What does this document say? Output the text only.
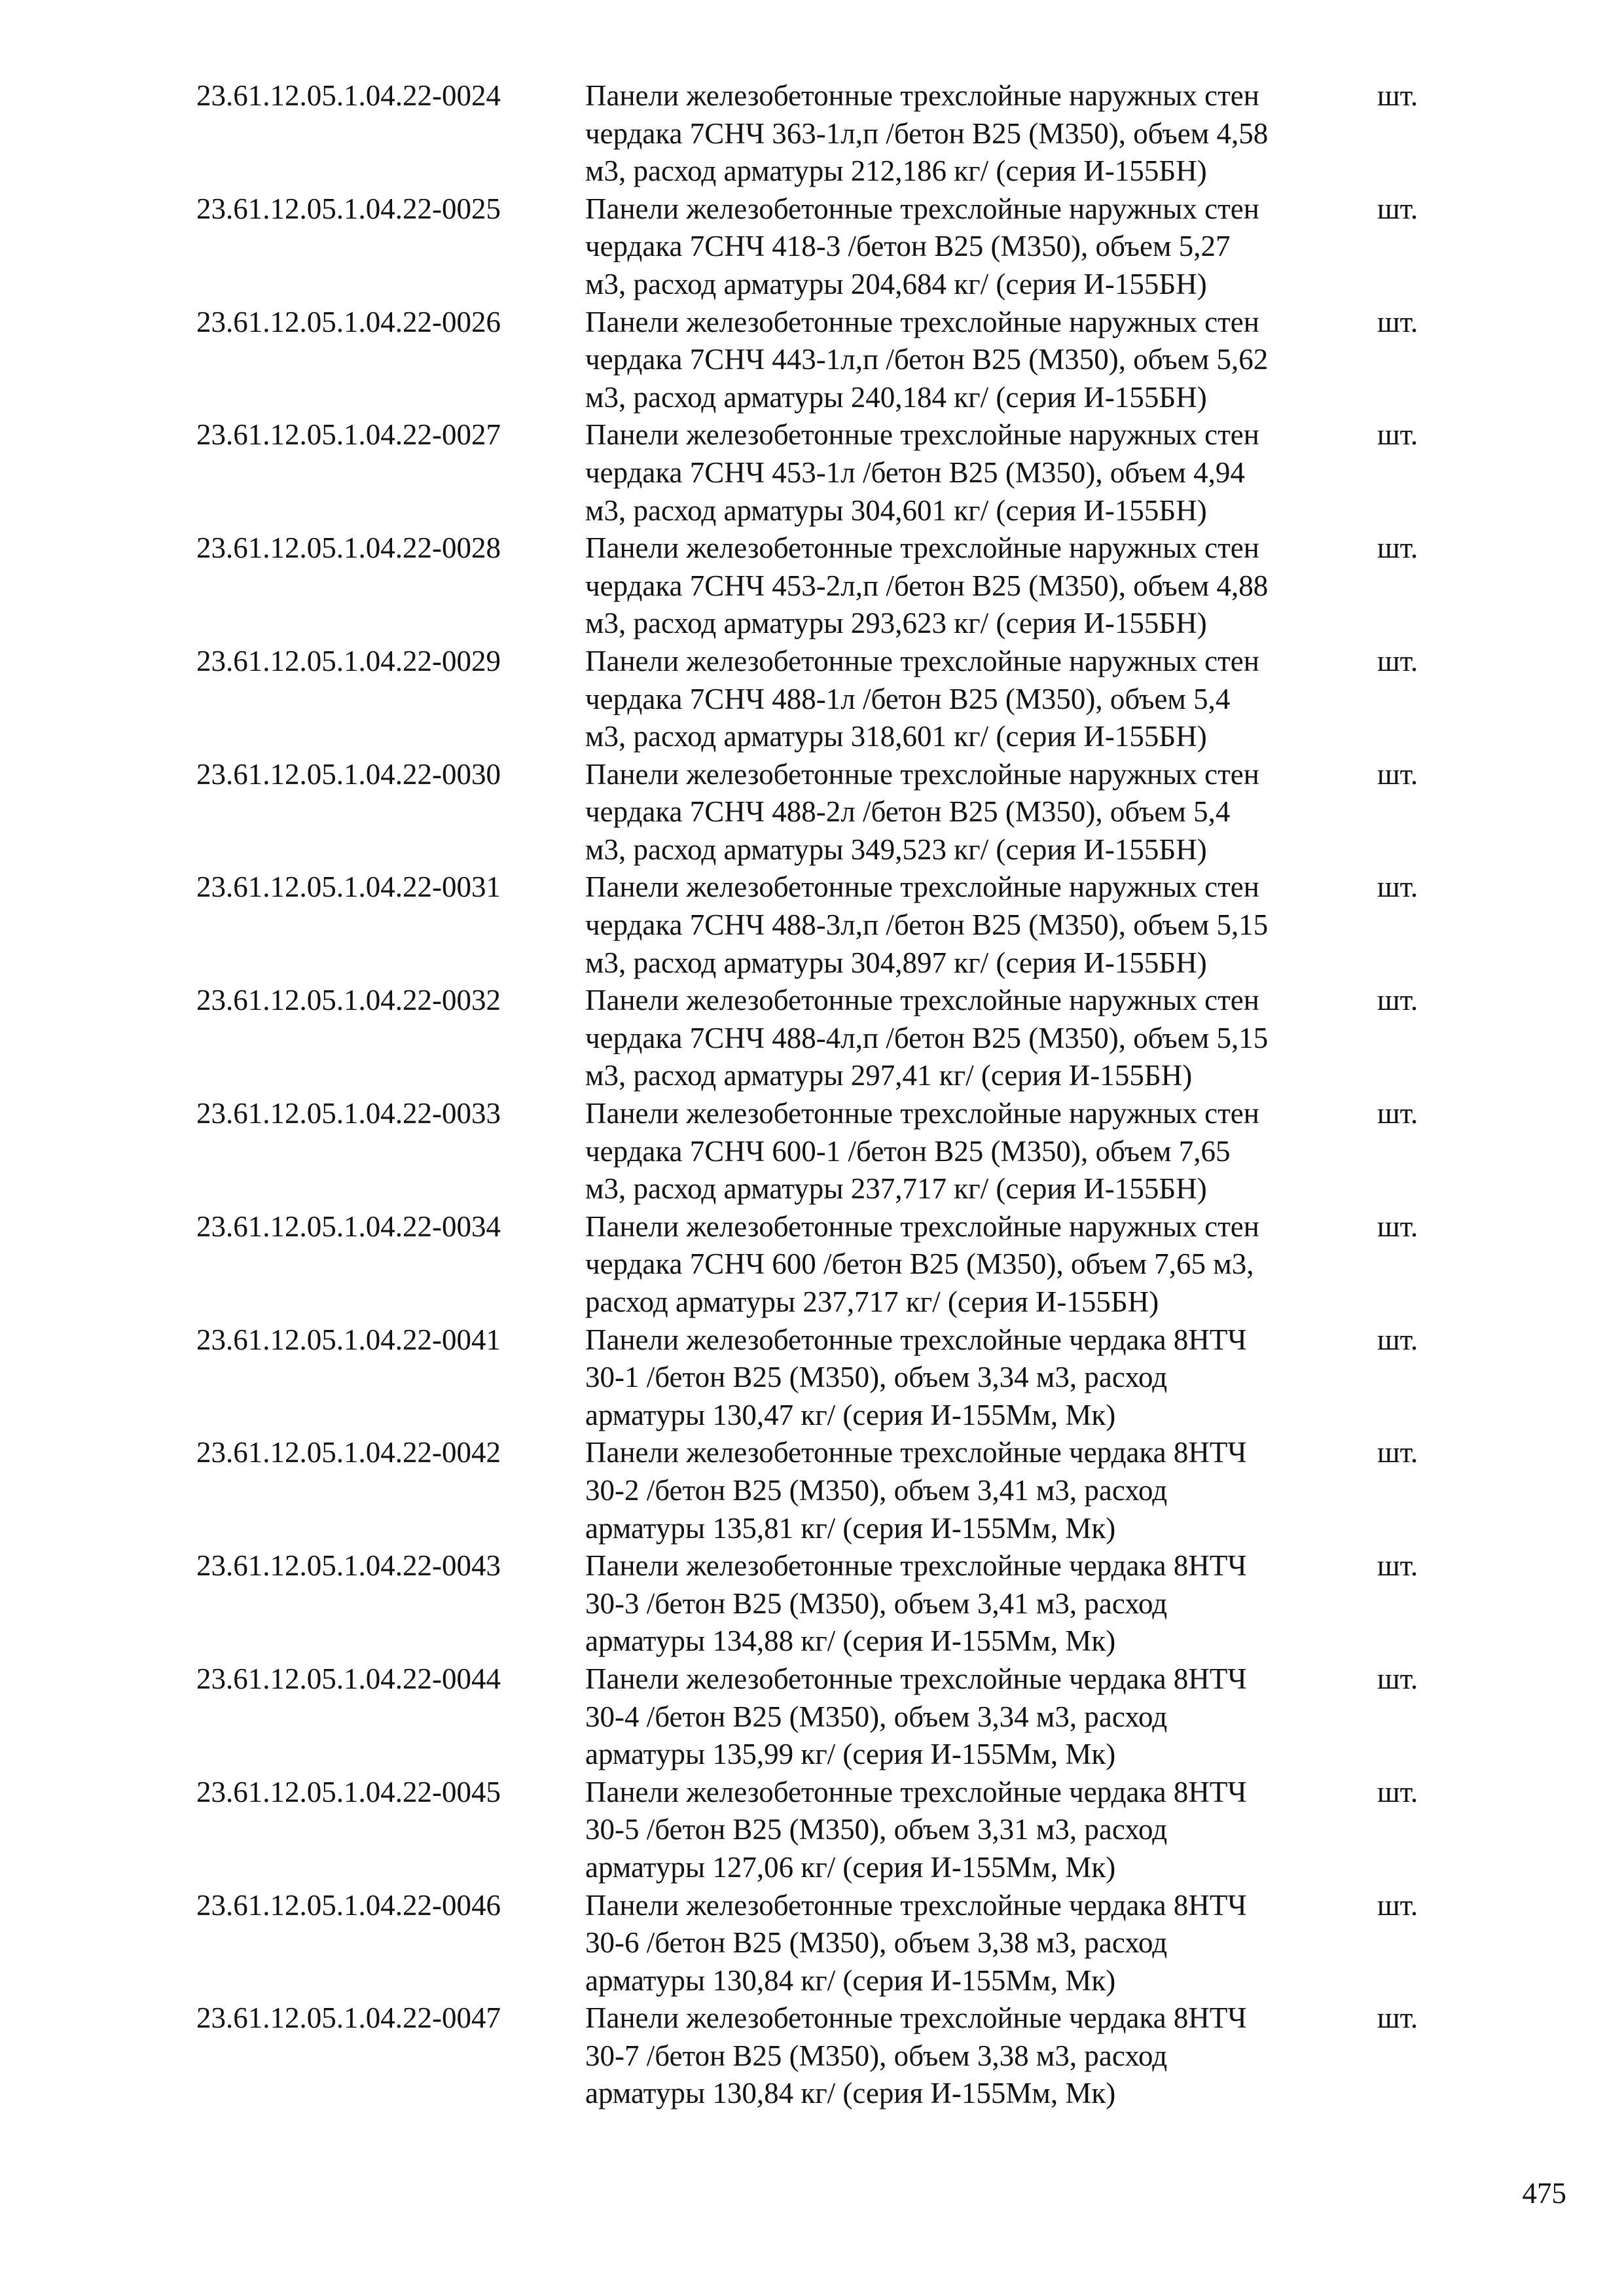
23.61.12.05.1.04.22-0024	Панели железобетонные трехслойные наружных стен
чердака 7СНЧ 363-1л,п /бетон В25 (М350), объем 4,58
м3, расход арматуры 212,186 кг/ (серия И-155БН)
шт.
23.61.12.05.1.04.22-0025	Панели железобетонные трехслойные наружных стен
чердака 7СНЧ 418-3 /бетон В25 (М350), объем 5,27
м3, расход арматуры 204,684 кг/ (серия И-155БН)
шт.
23.61.12.05.1.04.22-0026	Панели железобетонные трехслойные наружных стен
чердака 7СНЧ 443-1л,п /бетон В25 (М350), объем 5,62
м3, расход арматуры 240,184 кг/ (серия И-155БН)
шт.
23.61.12.05.1.04.22-0027	Панели железобетонные трехслойные наружных стен
чердака 7СНЧ 453-1л /бетон В25 (М350), объем 4,94
м3, расход арматуры 304,601 кг/ (серия И-155БН)
шт.
23.61.12.05.1.04.22-0028	Панели железобетонные трехслойные наружных стен
чердака 7СНЧ 453-2л,п /бетон В25 (М350), объем 4,88
м3, расход арматуры 293,623 кг/ (серия И-155БН)
шт.
23.61.12.05.1.04.22-0029	Панели железобетонные трехслойные наружных стен
чердака 7СНЧ 488-1л /бетон В25 (М350), объем 5,4
м3, расход арматуры 318,601 кг/ (серия И-155БН)
шт.
23.61.12.05.1.04.22-0030	Панели железобетонные трехслойные наружных стен
чердака 7СНЧ 488-2л /бетон В25 (М350), объем 5,4
м3, расход арматуры 349,523 кг/ (серия И-155БН)
шт.
23.61.12.05.1.04.22-0031	Панели железобетонные трехслойные наружных стен
чердака 7СНЧ 488-3л,п /бетон В25 (М350), объем 5,15
м3, расход арматуры 304,897 кг/ (серия И-155БН)
шт.
23.61.12.05.1.04.22-0032	Панели железобетонные трехслойные наружных стен
чердака 7СНЧ 488-4л,п /бетон В25 (М350), объем 5,15
м3, расход арматуры 297,41 кг/ (серия И-155БН)
шт.
23.61.12.05.1.04.22-0033	Панели железобетонные трехслойные наружных стен
чердака 7СНЧ 600-1 /бетон В25 (М350), объем 7,65
м3, расход арматуры 237,717 кг/ (серия И-155БН)
шт.
23.61.12.05.1.04.22-0034	Панели железобетонные трехслойные наружных стен
чердака 7СНЧ 600 /бетон В25 (М350), объем 7,65 м3,
расход арматуры 237,717 кг/ (серия И-155БН)
шт.
23.61.12.05.1.04.22-0041	Панели железобетонные трехслойные чердака 8НТЧ
30-1 /бетон В25 (М350), объем 3,34 м3, расход
арматуры 130,47 кг/ (серия И-155Мм, Мк)
шт.
23.61.12.05.1.04.22-0042	Панели железобетонные трехслойные чердака 8НТЧ
30-2 /бетон В25 (М350), объем 3,41 м3, расход
арматуры 135,81 кг/ (серия И-155Мм, Мк)
шт.
23.61.12.05.1.04.22-0043	Панели железобетонные трехслойные чердака 8НТЧ
30-3 /бетон В25 (М350), объем 3,41 м3, расход
арматуры 134,88 кг/ (серия И-155Мм, Мк)
шт.
23.61.12.05.1.04.22-0044	Панели железобетонные трехслойные чердака 8НТЧ
30-4 /бетон В25 (М350), объем 3,34 м3, расход
арматуры 135,99 кг/ (серия И-155Мм, Мк)
шт.
23.61.12.05.1.04.22-0045	Панели железобетонные трехслойные чердака 8НТЧ
30-5 /бетон В25 (М350), объем 3,31 м3, расход
арматуры 127,06 кг/ (серия И-155Мм, Мк)
шт.
23.61.12.05.1.04.22-0046	Панели железобетонные трехслойные чердака 8НТЧ
30-6 /бетон В25 (М350), объем 3,38 м3, расход
арматуры 130,84 кг/ (серия И-155Мм, Мк)
шт.
23.61.12.05.1.04.22-0047	Панели железобетонные трехслойные чердака 8НТЧ
30-7 /бетон В25 (М350), объем 3,38 м3, расход
арматуры 130,84 кг/ (серия И-155Мм, Мк)
шт.
475
